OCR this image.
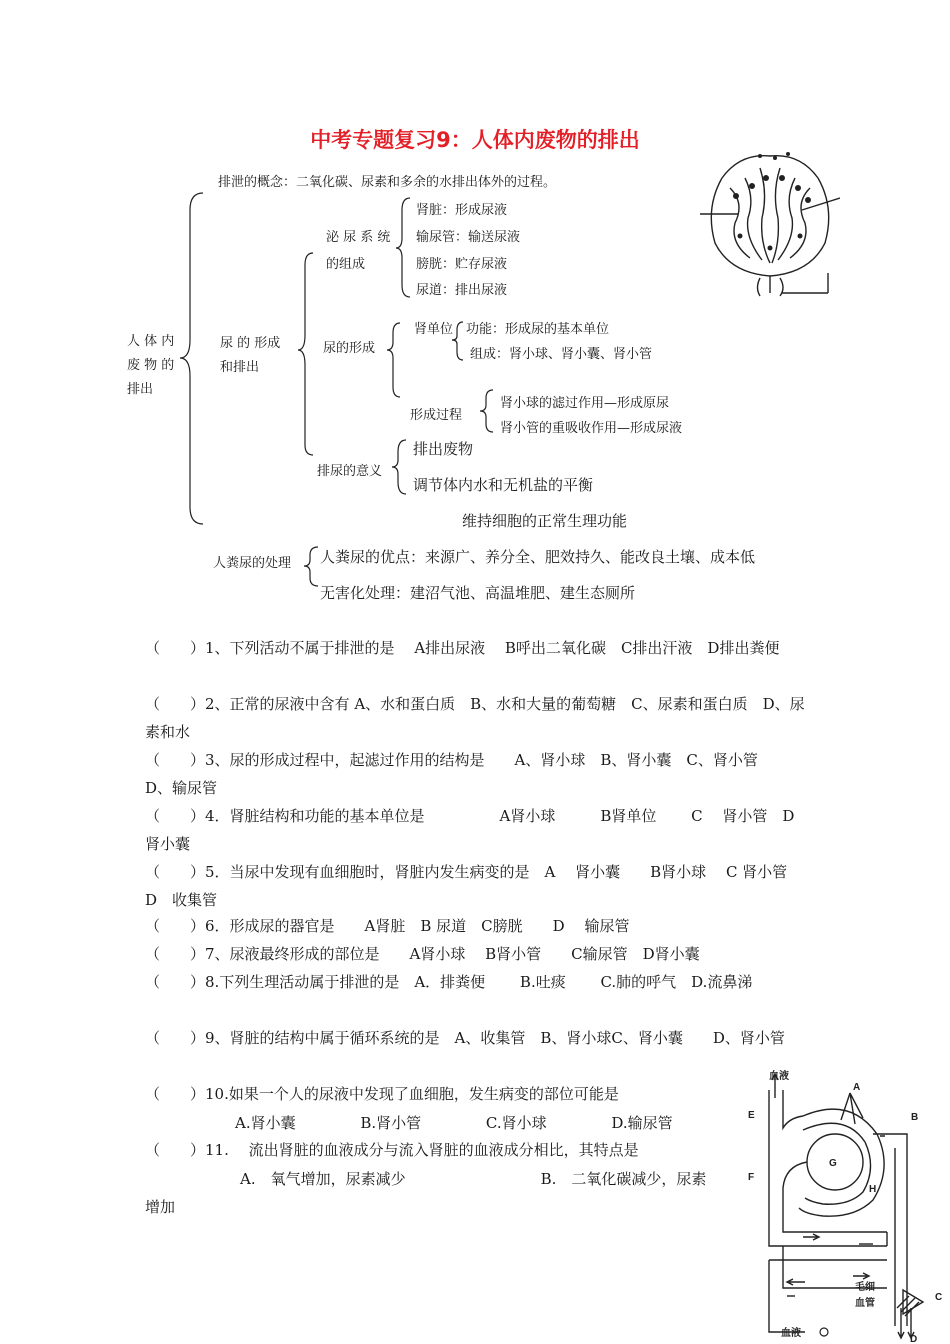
中考专题复习9：人体内废物的排出
排泄的概念：二氧化碳、尿素和多余的水排出体外的过程。
人 体 内
废 物 的
排出
尿 的 形成
和排出
泌 尿 系 统
的组成
肾脏：形成尿液
输尿管：输送尿液
膀胱：贮存尿液
尿道：排出尿液
尿的形成
肾单位 功能：形成尿的基本单位
组成：肾小球、肾小囊、肾小管
形成过程
肾小球的滤过作用—形成原尿
肾小管的重吸收作用—形成尿液
排尿的意义
排出废物
调节体内水和无机盐的平衡
维持细胞的正常生理功能
人粪尿的处理 人粪尿的优点：来源广、养分全、肥效持久、能改良土壤、成本低
无害化处理：建沼气池、高温堆肥、建生态厕所
（　　）1、下列活动不属于排泄的是　 A排出尿液　 B呼出二氧化碳　C排出汗液　D排出粪便
（　　）2、正常的尿液中含有 A、水和蛋白质　B、水和大量的葡萄糖　C、尿素和蛋白质　D、尿素和水
（　　）3、尿的形成过程中，起滤过作用的结构是　　A、肾小球　B、肾小囊　C、肾小管　　D、输尿管
（　　）4．肾脏结构和功能的基本单位是　　　　　A肾小球　　　B肾单位　　 C　 肾小管　D　肾小囊
（　　）5．当尿中发现有血细胞时，肾脏内发生病变的是　A　 肾小囊　　B肾小球　 C 肾小管　D　收集管
（　　）6．形成尿的器官是　　A肾脏　B 尿道　C膀胱　　D　 输尿管
（　　）7、尿液最终形成的部位是　　A肾小球　 B肾小管　　C输尿管　D肾小囊
（　　）8.下列生理活动属于排泄的是　A．排粪便　　 B.吐痰　　 C.肺的呼气　D.流鼻涕
（　　）9、肾脏的结构中属于循环系统的是　A、收集管　B、肾小球C、肾小囊　　D、肾小管
（　　）10.如果一个人的尿液中发现了血细胞，发生病变的部位可能是
A.肾小囊　　　　 B.肾小管　　　　 C.肾小球　　　　 D.输尿管
（　　）11.　 流出肾脏的血液成分与流入肾脏的血液成分相比，其特点是
A.　氧气增加，尿素减少　　　　　　　　　B.　二氧化碳减少，尿素
增加
血液
A
B
C
D
E
F
G
H
毛细
血管
血液
